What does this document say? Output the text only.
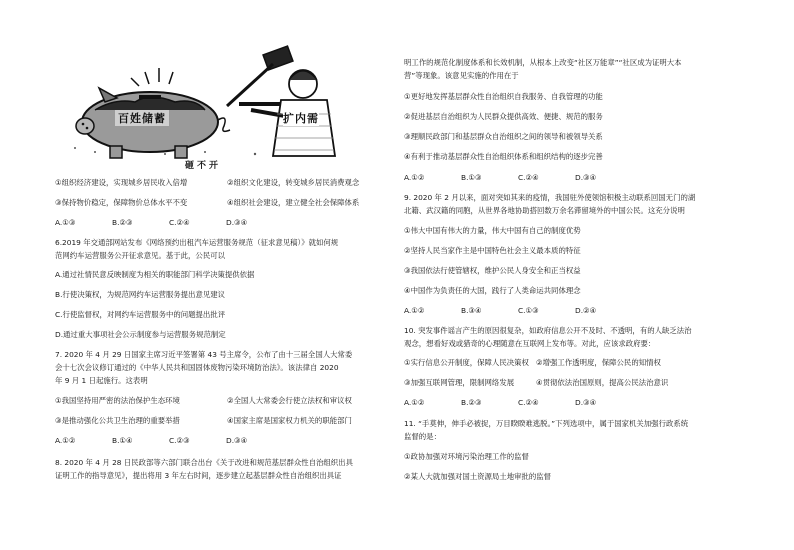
百姓储蓄	扩内需
砸不开
①组织经济建设，实现城乡居民收入倍增	②组织文化建设，转变城乡居民消费观念
③保持物价稳定，保障物价总体水平不变	④组织社会建设，建立健全社会保障体系
A.①③	B.②③	C.②④	D.③④
6.2019 年交通部网站发布《网络预约出租汽车运营服务规范（征求意见稿）》就如何规
范网约车运营服务公开征求意见。基于此，公民可以
A.通过社情民意反映制度为相关的职能部门科学决策提供依据
B.行使决策权，为规范网约车运营服务提出意见建议
C.行使监督权，对网约车运营服务中的问题提出批评
D.通过重大事项社会公示制度参与运营服务规范制定
7. 2020 年 4 月 29 日国家主席习近平签署第 43 号主席令，公布了由十三届全国人大常委
会十七次会议修订通过的《中华人民共和国固体废物污染环境防治法》。该法律自 2020
年 9 月 1 日起施行。这表明
①我国坚持用严密的法治保护生态环境	②全国人大常委会行使立法权和审议权
③是推动强化公共卫生治理的重要举措	④国家主席是国家权力机关的职能部门
A.①②	B.①④	C.②③	D.③④
8. 2020 年 4 月 28 日民政部等六部门联合出台《关于改进和规范基层群众性自治组织出具
证明工作的指导意见》，提出将用 3 年左右时间，逐步建立起基层群众性自治组织出具证
明工作的规范化制度体系和长效机制，从根本上改变“社区万能章”“社区成为证明大本
营”等现象。该意见实施的作用在于
①更好地发挥基层群众性自治组织自我服务、自我管理的功能
②促进基层自治组织为人民群众提供高效、便捷、规范的服务
③理顺民政部门和基层群众自治组织之间的领导和被领导关系
④有利于推动基层群众性自治组织体系和组织结构的逐步完善
A.①②	B.①③	C.②④	D.③④
9. 2020 年 2 月以来，面对突如其来的疫情，我国驻外使领馆积极主动联系回国无门的湖
北籍、武汉籍的同胞，从世界各地协助搭回数万余名滞留境外的中国公民。这充分说明
①伟大中国有伟大的力量，伟大中国有自己的制度优势
②坚持人民当家作主是中国特色社会主义最本质的特征
③我国依法行使管辖权，维护公民人身安全和正当权益
④中国作为负责任的大国，践行了人类命运共同体理念
A.①②	B.③④	C.①③	D.②④
10. 突发事件谣言产生的原因很复杂，如政府信息公开不及时、不透明，有的人缺乏法治
观念，想看好戏或猎奇的心理随意在互联网上发布等。对此，应该求政府要：
①实行信息公开制度，保障人民决策权 ②增强工作透明度，保障公民的知情权
③加强互联网管理，限制网络发展	④贯彻依法治国原则，提高公民法治意识
A.①②	B.②③	C.②④	D.③④
11. “手莫伸，伸手必被捉，万目睽睽难逃脱。”下列选项中，属于国家机关加强行政系统
监督的是：
①政协加强对环境污染治理工作的监督
②某人大就加强对国土资源局土地审批的监督
